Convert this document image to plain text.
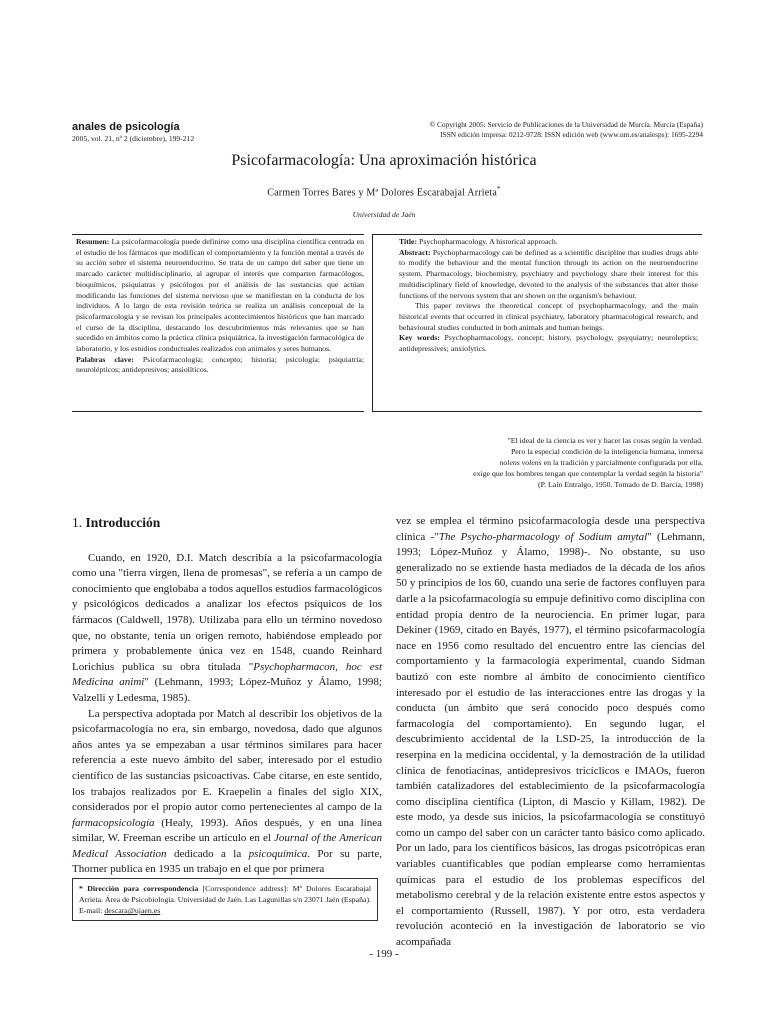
anales de psicología
2005, vol. 21, nº 2 (diciembre), 199-212
© Copyright 2005: Servicio de Publicaciones de la Universidad de Murcia. Murcia (España)
ISSN edición impresa: 0212-9728. ISSN edición web (www.um.es/analesps): 1695-2294
Psicofarmacología: Una aproximación histórica
Carmen Torres Bares y Mª Dolores Escarabajal Arrieta*
Universidad de Jaén

Resumen: La psicofarmacología puede definirse como una disciplina científica centrada en el estudio de los fármacos que modifican el comportamiento y la función mental a través de su acción sobre el sistema neuroendocrino. Se trata de un campo del saber que tiene un marcado carácter multidisciplinario, al agrupar el interés que comparten farmacólogos, bioquímicos, psiquiatras y psicólogos por el análisis de las sustancias que actúan modificando las funciones del sistema nervioso que se manifiestan en la conducta de los individuos. A lo largo de esta revisión teórica se realiza un análisis conceptual de la psicofarmacología y se revisan los principales acontecimientos históricos que han marcado el curso de la disciplina, destacando los descubrimientos más relevantes que se han sucedido en ámbitos como la práctica clínica psiquiátrica, la investigación farmacológica de laboratorio, y los estudios conductuales realizados con animales y seres humanos.

Palabras clave: Psicofarmacología; concepto; historia; psicología; psiquiatría; neurolépticos; antidepresivos; ansiolíticos.

Title: Psychopharmacology. A historical approach.

Abstract: Psychopharmacology can be defined as a scientific discipline that studies drugs able to modify the behaviour and the mental function through its action on the neuroendocrine system. Pharmacology, biochemistry, psychiatry and psychology share their interest for this multidisciplinary field of knowledge, devoted to the analysis of the substances that alter those functions of the nervous system that are shown on the organism's behaviour.

This paper reviews the theoretical concept of psychopharmacology, and the main historical events that occurred in clinical psychiatry, laboratory pharmacological research, and behavioural studies conducted in both animals and human beings.

Key words: Psychopharmacology, concept; history, psychology, psyquiatry; neuroleptics; antidepressives; anxiolytics.

"El ideal de la ciencia es ver y hacer las cosas según la verdad.

Pero la especial condición de la inteligencia humana, inmersa

nolens volens en la tradición y parcialmente configurada por ella,

exige que los hombres tengan que contemplar la verdad según la historia"

(P. Laín Entralgo, 1950. Tomado de D. Barcia, 1998)

1. Introducción

Cuando, en 1920, D.I. Match describía a la psicofarmacología como una "tierra virgen, llena de promesas", se refería a un campo de conocimiento que englobaba a todos aquellos estudios farmacológicos y psicológicos dedicados a analizar los efectos psíquicos de los fármacos (Caldwell, 1978). Utilizaba para ello un término novedoso que, no obstante, tenía un origen remoto, habiéndose empleado por primera y probablemente única vez en 1548, cuando Reinhard Lorichius publica su obra titulada "Psychopharmacon, hoc est Medicina animi" (Lehmann, 1993; López-Muñoz y Álamo, 1998; Valzelli y Ledesma, 1985).

La perspectiva adoptada por Match al describir los objetivos de la psicofarmacología no era, sin embargo, novedosa, dado que algunos años antes ya se empezaban a usar términos similares para hacer referencia a este nuevo ámbito del saber, interesado por el estudio científico de las sustancias psicoactivas. Cabe citarse, en este sentido, los trabajos realizados por E. Kraepelin a finales del siglo XIX, considerados por el propio autor como pertenecientes al campo de la farmacopsicología (Healy, 1993). Años después, y en una línea similar, W. Freeman escribe un artículo en el Journal of the American Medical Association dedicado a la psicoquímica. Por su parte, Thorner publica en 1935 un trabajo en el que por primera

vez se emplea el término psicofarmacología desde una perspectiva clínica -"The Psycho-pharmacology of Sodium amytal" (Lehmann, 1993; López-Muñoz y Álamo, 1998)-. No obstante, su uso generalizado no se extiende hasta mediados de la década de los años 50 y principios de los 60, cuando una serie de factores confluyen para darle a la psicofarmacología su empuje definitivo como disciplina con entidad propia dentro de la neurociencia. En primer lugar, para Dekiner (1969, citado en Bayés, 1977), el término psicofarmacología nace en 1956 como resultado del encuentro entre las ciencias del comportamiento y la farmacología experimental, cuando Sidman bautizó con este nombre al ámbito de conocimiento científico interesado por el estudio de las interacciones entre las drogas y la conducta (un ámbito que será conocido poco después como farmacología del comportamiento). En segundo lugar, el descubrimiento accidental de la LSD-25, la introducción de la reserpina en la medicina occidental, y la demostración de la utilidad clínica de fenotiacinas, antidepresivos tricíclicos e IMAOs, fueron también catalizadores del establecimiento de la psicofarmacología como disciplina científica (Lipton, di Mascio y Killam, 1982). De este modo, ya desde sus inicios, la psicofarmacología se constituyó como un campo del saber con un carácter tanto básico como aplicado. Por un lado, para los científicos básicos, las drogas psicotrópicas eran variables cuantificables que podían emplearse como herramientas químicas para el estudio de los problemas específicos del metabolismo cerebral y de la relación existente entre estos aspectos y el comportamiento (Russell, 1987). Y por otro, esta verdadera revolución aconteció en la investigación de laboratorio se vio acompañada

* Dirección para correspondencia [Correspondence address]: Mª Dolores Escarabajal Arrieta. Área de Psicobiología. Universidad de Jaén. Las Lagunillas s/n 23071 Jaén (España). E-mail: descara@ujaen.es
- 199 -
